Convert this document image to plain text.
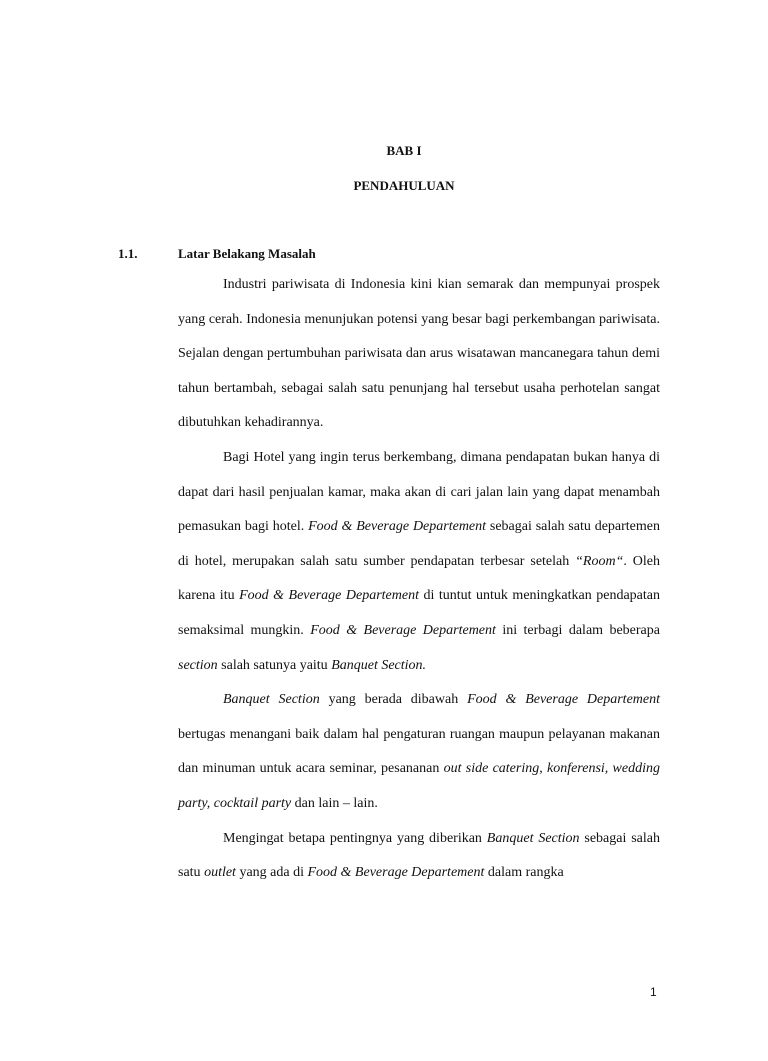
BAB I
PENDAHULUAN
1.1.	Latar Belakang Masalah

Industri pariwisata di Indonesia kini kian semarak dan mempunyai prospek yang cerah. Indonesia menunjukan potensi yang besar bagi perkembangan pariwisata. Sejalan dengan pertumbuhan pariwisata dan arus wisatawan mancanegara tahun demi tahun bertambah, sebagai salah satu penunjang hal tersebut usaha perhotelan sangat dibutuhkan kehadirannya.

Bagi Hotel yang ingin terus berkembang, dimana pendapatan bukan hanya di dapat dari hasil penjualan kamar, maka akan di cari jalan lain yang dapat menambah pemasukan bagi hotel. Food & Beverage Departement sebagai salah satu departemen di hotel, merupakan salah satu sumber pendapatan terbesar setelah “Room“. Oleh karena itu Food & Beverage Departement di tuntut untuk meningkatkan pendapatan semaksimal mungkin. Food & Beverage Departement ini terbagi dalam beberapa section salah satunya yaitu Banquet Section.

Banquet Section yang berada dibawah Food & Beverage Departement bertugas menangani baik dalam hal pengaturan ruangan maupun pelayanan makanan dan minuman untuk acara seminar, pesananan out side catering, konferensi, wedding party, cocktail party dan lain – lain.

Mengingat betapa pentingnya yang diberikan Banquet Section sebagai salah satu outlet yang ada di Food & Beverage Departement dalam rangka

1
